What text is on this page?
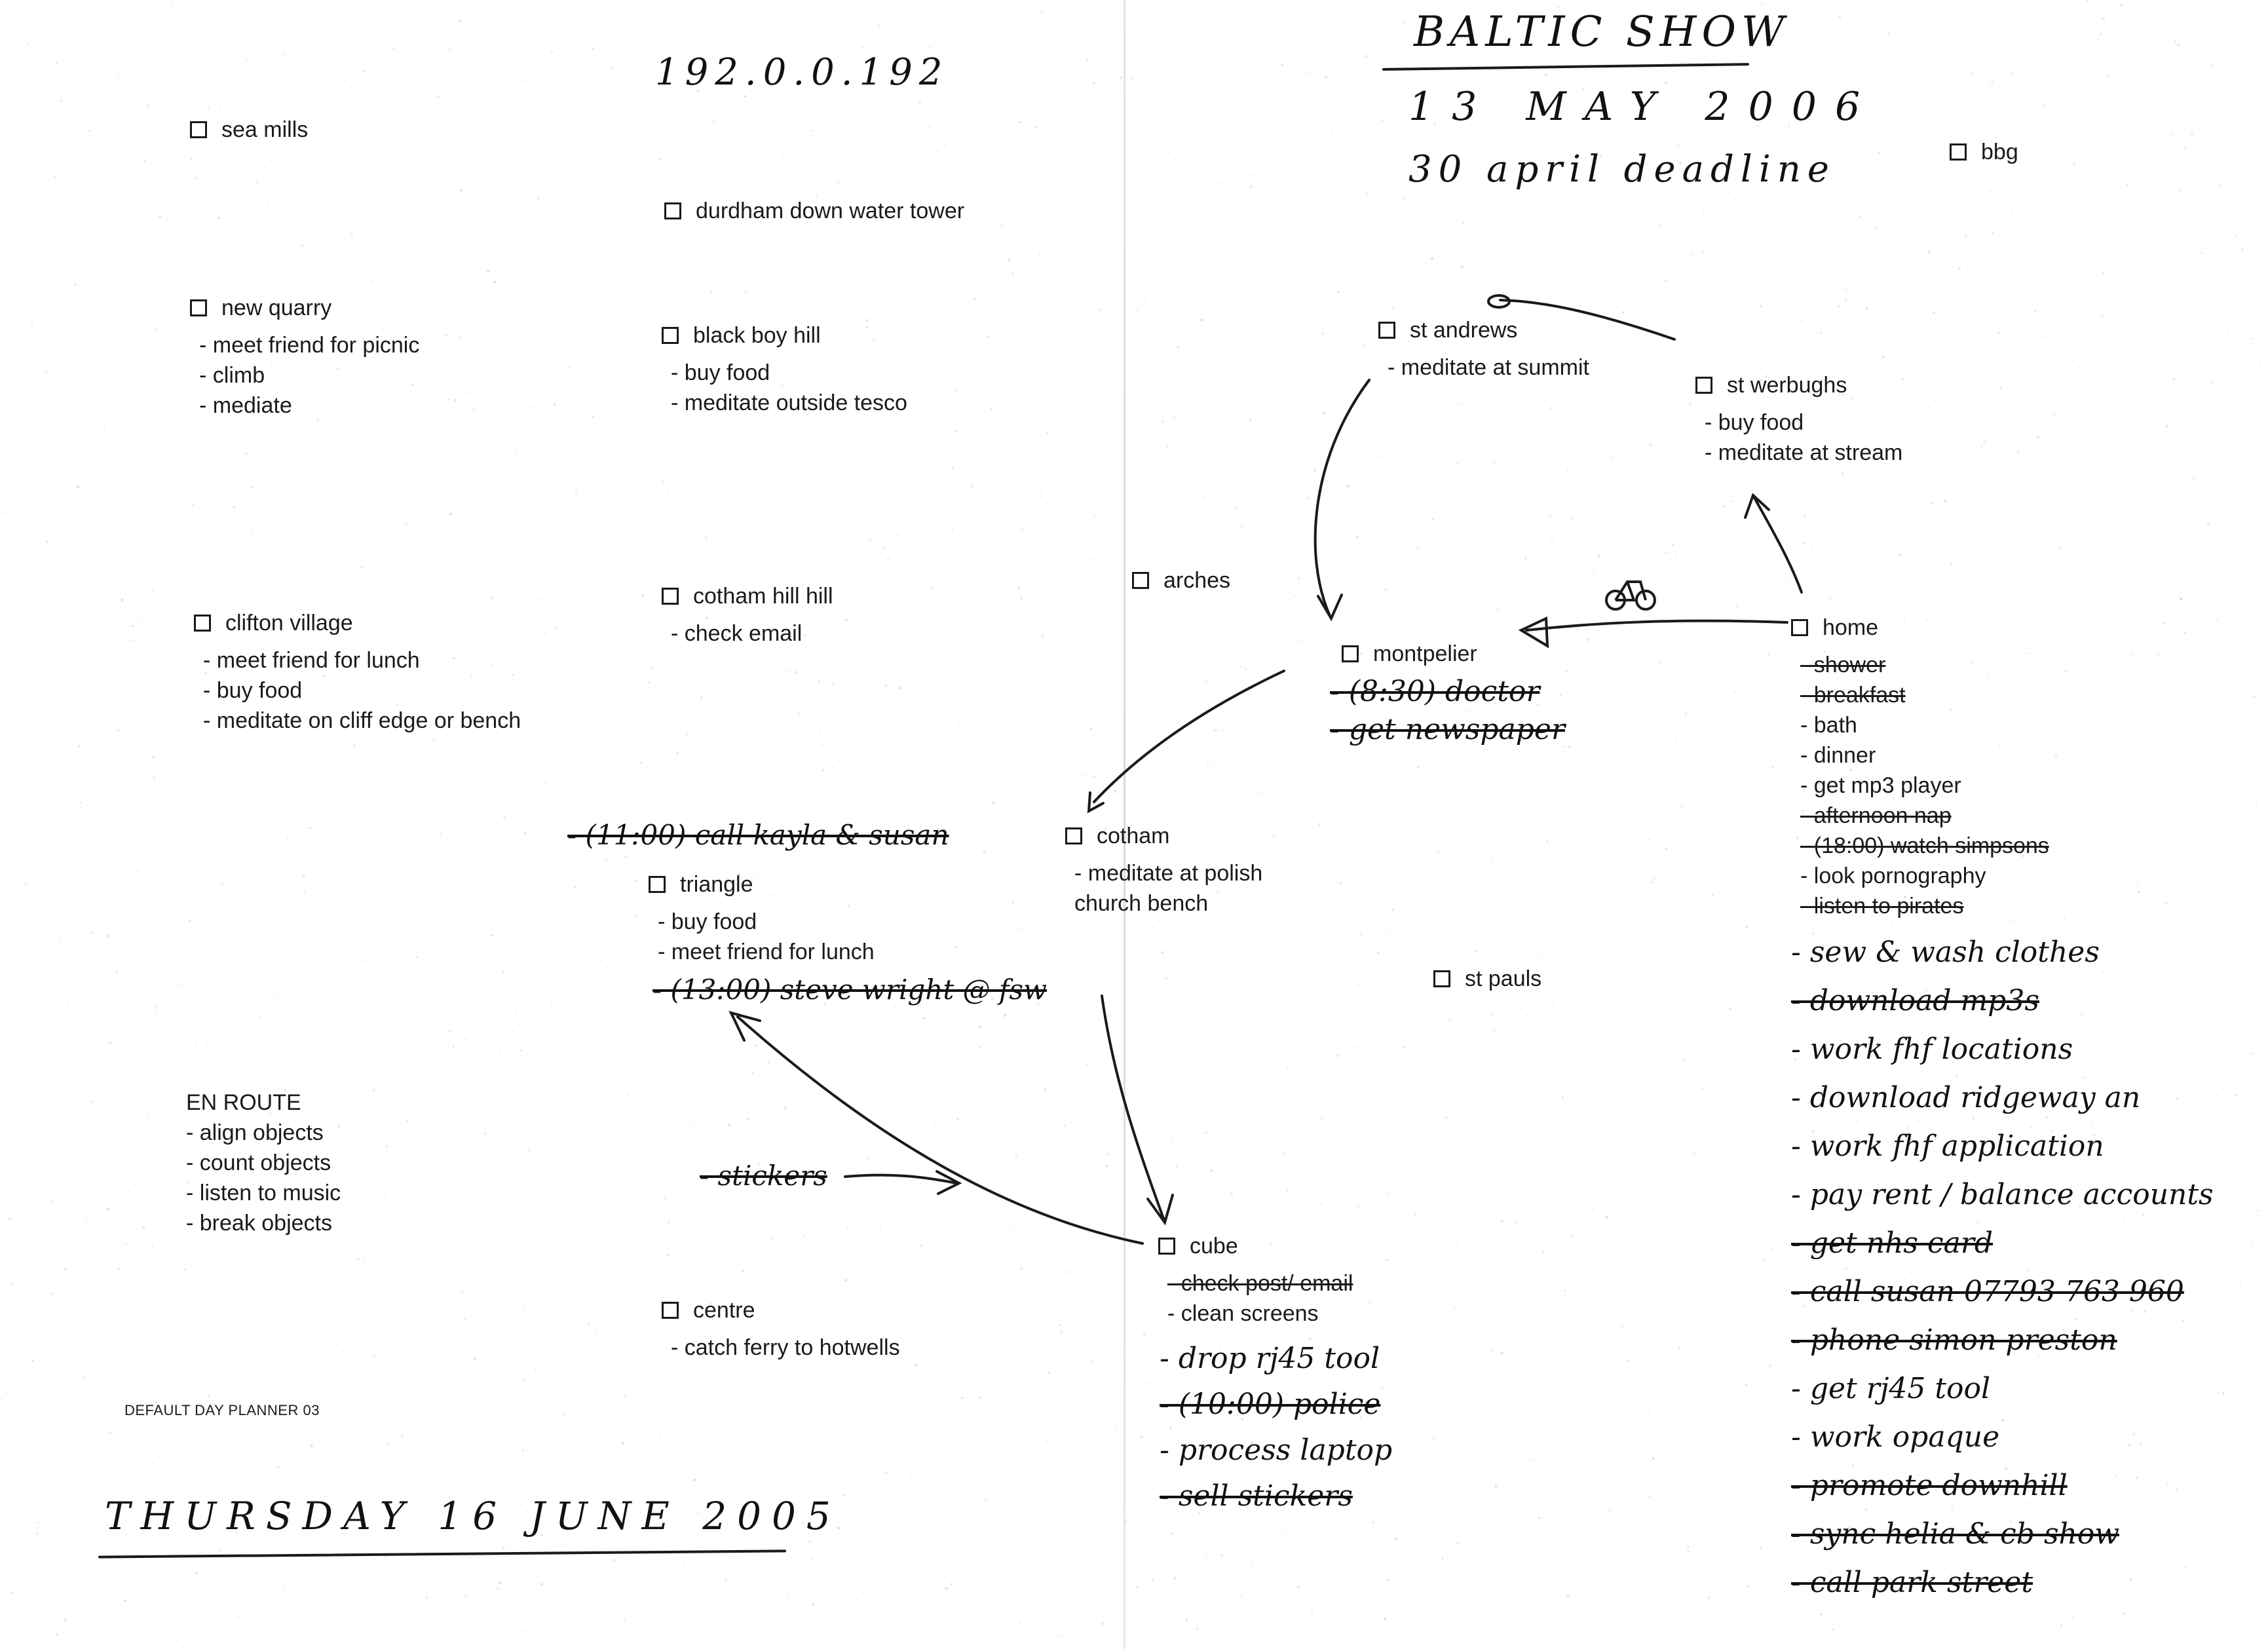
192.0.0.192
BALTIC SHOW
13 MAY 2006
30 april deadline
sea mills
new quarry
- meet friend for picnic
- climb
- mediate
clifton village
- meet friend for lunch
- buy food
- meditate on cliff edge or bench
durdham down water tower
black boy hill
- buy food
- meditate outside tesco
cotham hill hill
- check email
triangle
- buy food
- meet friend for lunch
centre
- catch ferry to hotwells
arches
cotham
- meditate at polish
church bench
st andrews
- meditate at summit
st werbughs
- buy food
- meditate at stream
bbg
montpelier
st pauls
home
- shower
- breakfast
- bath
- dinner
- get mp3 player
- afternoon nap
- (18:00) watch simpsons
- look pornography
- listen to pirates
cube
- check post/ email
- clean screens
EN ROUTE
- align objects
- count objects
- listen to music
- break objects
DEFAULT DAY PLANNER 03
THURSDAY 16 JUNE 2005
- (8:30) doctor
- get newspaper
- (11:00) call kayla & susan
- (13:00) steve wright @ fsw
- stickers
- drop rj45 tool
- (10:00) police
- process laptop
- sell stickers
- sew & wash clothes
- download mp3s
- work fhf locations
- download ridgeway an
- work fhf application
- pay rent / balance accounts
- get nhs card
- call susan 07793 763 960
- phone simon preston
- get rj45 tool
- work opaque
- promote downhill
- sync helia & cb show
- call park street
